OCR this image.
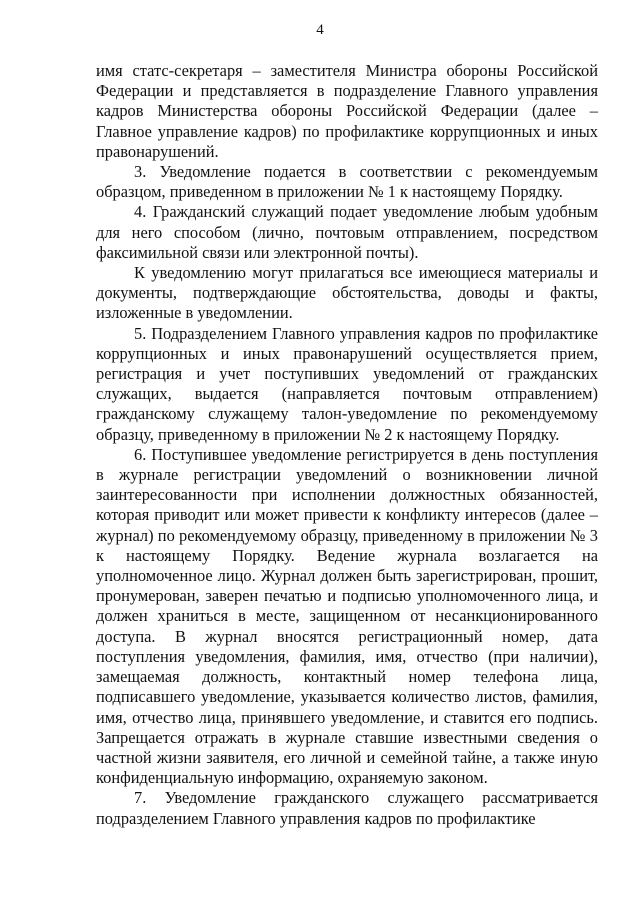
4

имя статс-секретаря – заместителя Министра обороны Российской Федерации и представляется в подразделение Главного управления кадров Министерства обороны Российской Федерации (далее – Главное управление кадров) по профилактике коррупционных и иных правонарушений.

3. Уведомление подается в соответствии с рекомендуемым образцом, приведенном в приложении № 1 к настоящему Порядку.

4. Гражданский служащий подает уведомление любым удобным для него способом (лично, почтовым отправлением, посредством факсимильной связи или электронной почты).

К уведомлению могут прилагаться все имеющиеся материалы и документы, подтверждающие обстоятельства, доводы и факты, изложенные в уведомлении.

5. Подразделением Главного управления кадров по профилактике коррупционных и иных правонарушений осуществляется прием, регистрация и учет поступивших уведомлений от гражданских служащих, выдается (направляется почтовым отправлением) гражданскому служащему талон-уведомление по рекомендуемому образцу, приведенному в приложении № 2 к настоящему Порядку.

6. Поступившее уведомление регистрируется в день поступления в журнале регистрации уведомлений о возникновении личной заинтересованности при исполнении должностных обязанностей, которая приводит или может привести к конфликту интересов (далее – журнал) по рекомендуемому образцу, приведенному в приложении № 3 к настоящему Порядку. Ведение журнала возлагается на уполномоченное лицо. Журнал должен быть зарегистрирован, прошит, пронумерован, заверен печатью и подписью уполномоченного лица, и должен храниться в месте, защищенном от несанкционированного доступа. В журнал вносятся регистрационный номер, дата поступления уведомления, фамилия, имя, отчество (при наличии), замещаемая должность, контактный номер телефона лица, подписавшего уведомление, указывается количество листов, фамилия, имя, отчество лица, принявшего уведомление, и ставится его подпись. Запрещается отражать в журнале ставшие известными сведения о частной жизни заявителя, его личной и семейной тайне, а также иную конфиденциальную информацию, охраняемую законом.

7. Уведомление гражданского служащего рассматривается подразделением Главного управления кадров по профилактике
